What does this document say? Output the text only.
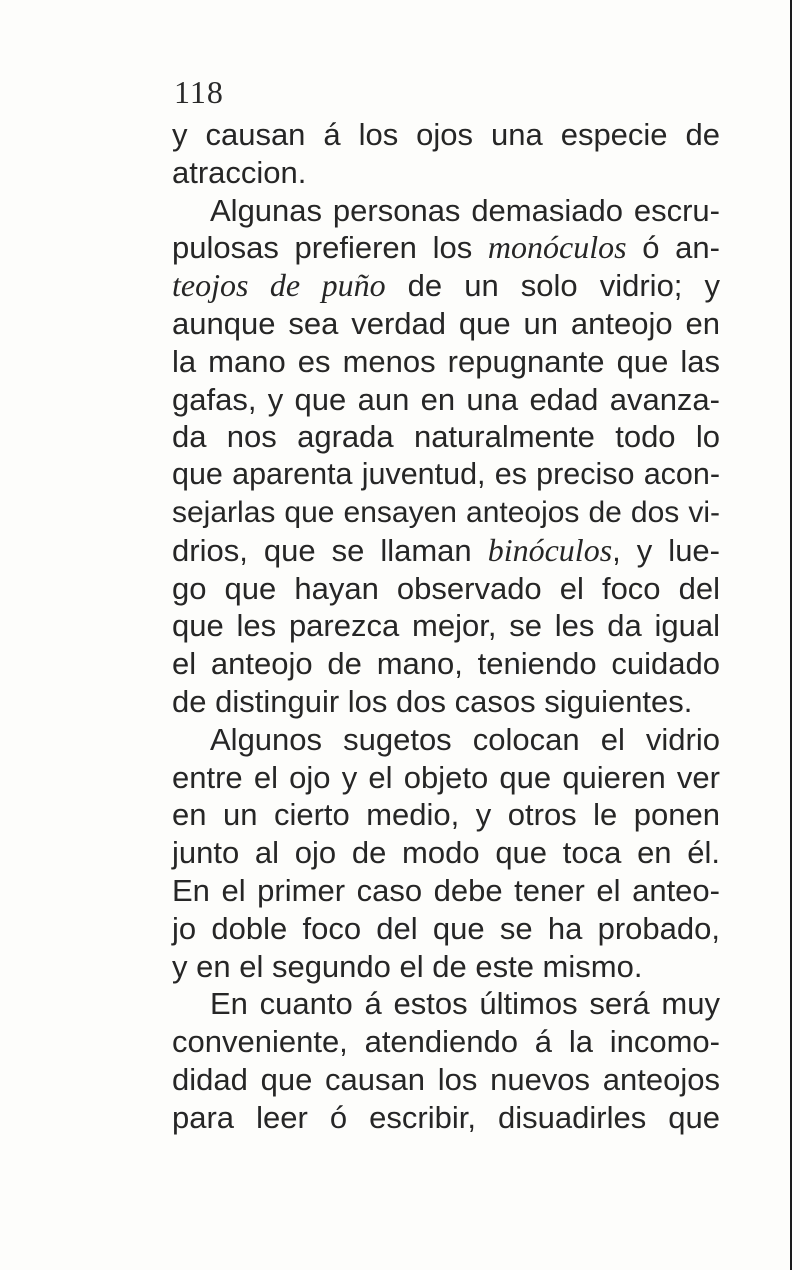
118
y causan á los ojos una especie de
atraccion.
Algunas personas demasiado escru-
pulosas prefieren los monóculos ó an-
teojos de puño de un solo vidrio; y
aunque sea verdad que un anteojo en
la mano es menos repugnante que las
gafas, y que aun en una edad avanza-
da nos agrada naturalmente todo lo
que aparenta juventud, es preciso acon-
sejarlas que ensayen anteojos de dos vi-
drios, que se llaman binóculos, y lue-
go que hayan observado el foco del
que les parezca mejor, se les da igual
el anteojo de mano, teniendo cuidado
de distinguir los dos casos siguientes.
Algunos sugetos colocan el vidrio
entre el ojo y el objeto que quieren ver
en un cierto medio, y otros le ponen
junto al ojo de modo que toca en él.
En el primer caso debe tener el anteo-
jo doble foco del que se ha probado,
y en el segundo el de este mismo.
En cuanto á estos últimos será muy
conveniente, atendiendo á la incomo-
didad que causan los nuevos anteojos
para leer ó escribir, disuadirles que
